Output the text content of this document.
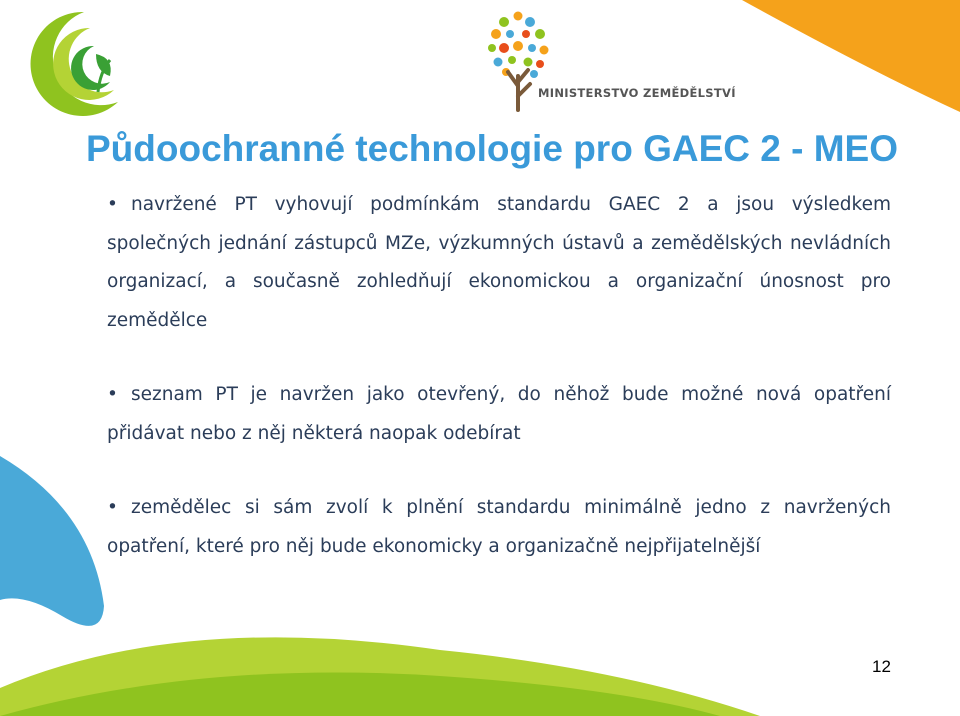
MINISTERSTVO ZEMĚDĚLSTVÍ
Půdoochranné technologie pro GAEC 2 - MEO

• navržené PT vyhovují podmínkám standardu GAEC 2 a jsou výsledkem společných jednání zástupců MZe, výzkumných ústavů a zemědělských nevládních organizací, a současně zohledňují ekonomickou a organizační únosnost pro zemědělce

• seznam PT je navržen jako otevřený, do něhož bude možné nová opatření přidávat nebo z něj některá naopak odebírat

• zemědělec si sám zvolí k plnění standardu minimálně jedno z navržených opatření, které pro něj bude ekonomicky a organizačně nejpřijatelnější

12
